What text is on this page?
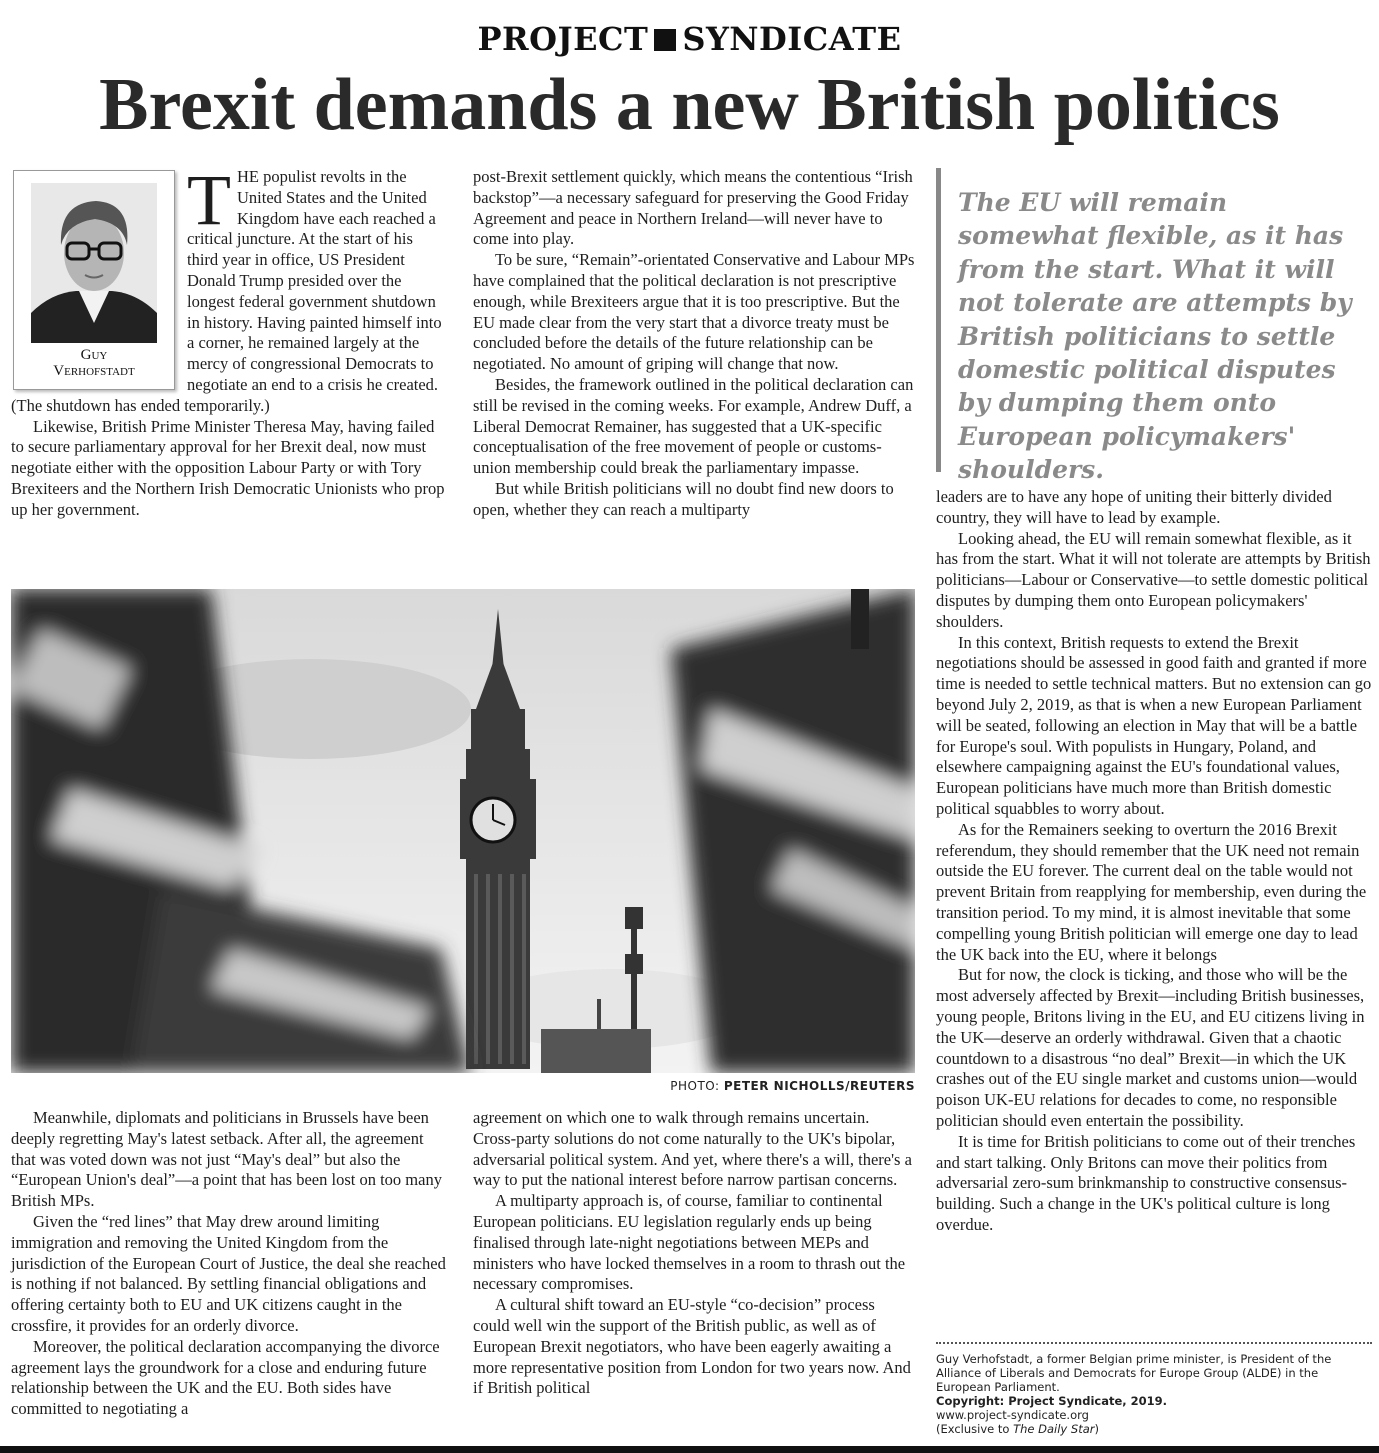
PROJECT SYNDICATE
Brexit demands a new British politics

THE populist revolts in the United States and the United Kingdom have each reached a critical juncture. At the start of his third year in office, US President Donald Trump presided over the longest federal government shutdown in history. Having painted himself into a corner, he remained largely at the mercy of congressional Democrats to negotiate an end to a crisis he created. (The shutdown has ended temporarily.)

Likewise, British Prime Minister Theresa May, having failed to secure parliamentary approval for her Brexit deal, now must negotiate either with the opposition Labour Party or with Tory Brexiteers and the Northern Irish Democratic Unionists who prop up her government.

Guy
Verhofstadt

post-Brexit settlement quickly, which means the contentious “Irish backstop”—a necessary safeguard for preserving the Good Friday Agreement and peace in Northern Ireland—will never have to come into play.

To be sure, “Remain”-orientated Conservative and Labour MPs have complained that the political declaration is not prescriptive enough, while Brexiteers argue that it is too prescriptive. But the EU made clear from the very start that a divorce treaty must be concluded before the details of the future relationship can be negotiated. No amount of griping will change that now.

Besides, the framework outlined in the political declaration can still be revised in the coming weeks. For example, Andrew Duff, a Liberal Democrat Remainer, has suggested that a UK-specific conceptualisation of the free movement of people or customs-union membership could break the parliamentary impasse.

But while British politicians will no doubt find new doors to open, whether they can reach a multiparty

The EU will remain somewhat flexible, as it has from the start. What it will not tolerate are attempts by British politicians to settle domestic political disputes by dumping them onto European policymakers' shoulders.

leaders are to have any hope of uniting their bitterly divided country, they will have to lead by example.

Looking ahead, the EU will remain somewhat flexible, as it has from the start. What it will not tolerate are attempts by British politicians—Labour or Conservative—to settle domestic political disputes by dumping them onto European policymakers' shoulders.

In this context, British requests to extend the Brexit negotiations should be assessed in good faith and granted if more time is needed to settle technical matters. But no extension can go beyond July 2, 2019, as that is when a new European Parliament will be seated, following an election in May that will be a battle for Europe's soul. With populists in Hungary, Poland, and elsewhere campaigning against the EU's foundational values, European politicians have much more than British domestic political squabbles to worry about.

As for the Remainers seeking to overturn the 2016 Brexit referendum, they should remember that the UK need not remain outside the EU forever. The current deal on the table would not prevent Britain from reapplying for membership, even during the transition period. To my mind, it is almost inevitable that some compelling young British politician will emerge one day to lead the UK back into the EU, where it belongs

But for now, the clock is ticking, and those who will be the most adversely affected by Brexit—including British businesses, young people, Britons living in the EU, and EU citizens living in the UK—deserve an orderly withdrawal. Given that a chaotic countdown to a disastrous “no deal” Brexit—in which the UK crashes out of the EU single market and customs union—would poison UK-EU relations for decades to come, no responsible politician should even entertain the possibility.

It is time for British politicians to come out of their trenches and start talking. Only Britons can move their politics from adversarial zero-sum brinkmanship to constructive consensus-building. Such a change in the UK's political culture is long overdue.

PHOTO: PETER NICHOLLS/REUTERS

Meanwhile, diplomats and politicians in Brussels have been deeply regretting May's latest setback. After all, the agreement that was voted down was not just “May's deal” but also the “European Union's deal”—a point that has been lost on too many British MPs.

Given the “red lines” that May drew around limiting immigration and removing the United Kingdom from the jurisdiction of the European Court of Justice, the deal she reached is nothing if not balanced. By settling financial obligations and offering certainty both to EU and UK citizens caught in the crossfire, it provides for an orderly divorce.

Moreover, the political declaration accompanying the divorce agreement lays the groundwork for a close and enduring future relationship between the UK and the EU. Both sides have committed to negotiating a

agreement on which one to walk through remains uncertain. Cross-party solutions do not come naturally to the UK's bipolar, adversarial political system. And yet, where there's a will, there's a way to put the national interest before narrow partisan concerns.

A multiparty approach is, of course, familiar to continental European politicians. EU legislation regularly ends up being finalised through late-night negotiations between MEPs and ministers who have locked themselves in a room to thrash out the necessary compromises.

A cultural shift toward an EU-style “co-decision” process could well win the support of the British public, as well as of European Brexit negotiators, who have been eagerly awaiting a more representative position from London for two years now. And if British political

Guy Verhofstadt, a former Belgian prime minister, is President of the Alliance of Liberals and Democrats for Europe Group (ALDE) in the European Parliament.
Copyright: Project Syndicate, 2019.
www.project-syndicate.org
(Exclusive to The Daily Star)
